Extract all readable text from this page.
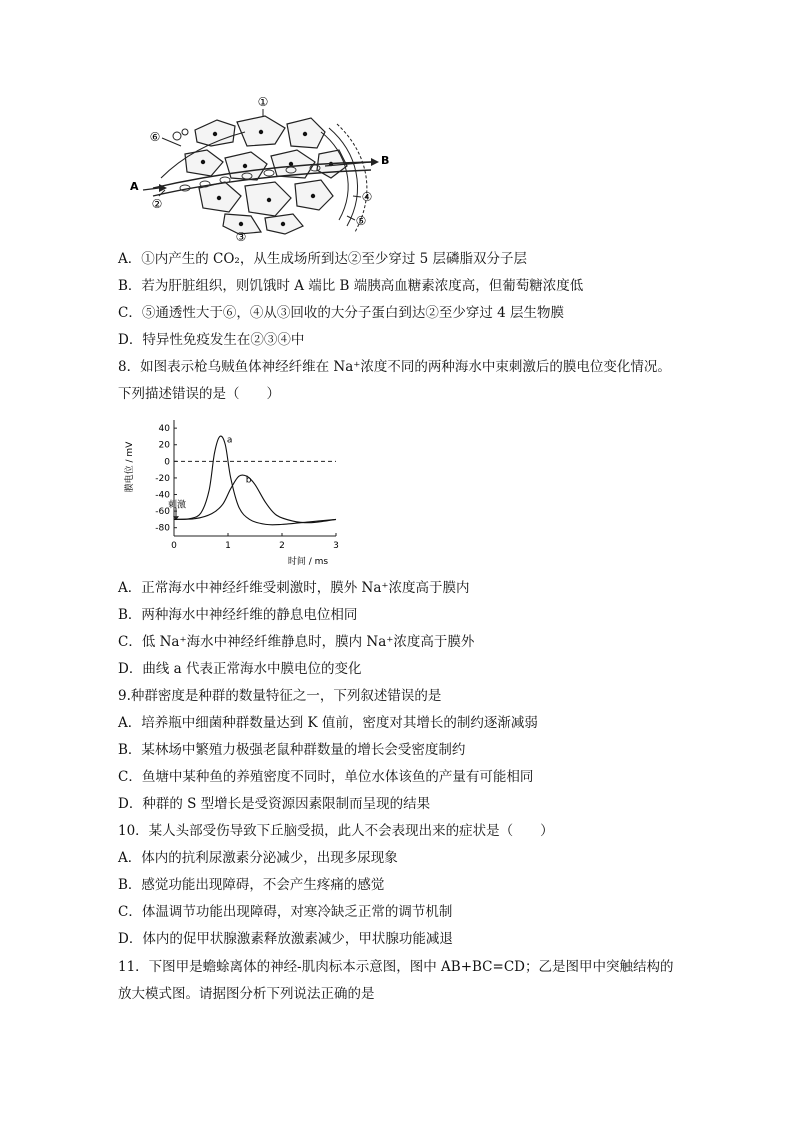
①
⑥
B
A
②
③
④
⑤
A．①内产生的 CO₂，从生成场所到达②至少穿过 5 层磷脂双分子层
B．若为肝脏组织，则饥饿时 A 端比 B 端胰高血糖素浓度高，但葡萄糖浓度低
C．⑤通透性大于⑥，④从③回收的大分子蛋白到达②至少穿过 4 层生物膜
D．特异性免疫发生在②③④中
8．如图表示枪乌贼鱼体神经纤维在 Na⁺浓度不同的两种海水中束刺激后的膜电位变化情况。
下列描述错误的是（　　）
膜电位 / mV
时间 / ms
40
20
0
-20
-40
-60
-80
0	1	2	3
刺激
a
b
A．正常海水中神经纤维受刺激时，膜外 Na⁺浓度高于膜内
B．两种海水中神经纤维的静息电位相同
C．低 Na⁺海水中神经纤维静息时，膜内 Na⁺浓度高于膜外
D．曲线 a 代表正常海水中膜电位的变化
9.种群密度是种群的数量特征之一，下列叙述错误的是
A．培养瓶中细菌种群数量达到 K 值前，密度对其增长的制约逐渐减弱
B．某林场中繁殖力极强老鼠种群数量的增长会受密度制约
C．鱼塘中某种鱼的养殖密度不同时，单位水体该鱼的产量有可能相同
D．种群的 S 型增长是受资源因素限制而呈现的结果
10．某人头部受伤导致下丘脑受损，此人不会表现出来的症状是（　　）
A．体内的抗利尿激素分泌减少，出现多尿现象
B．感觉功能出现障碍，不会产生疼痛的感觉
C．体温调节功能出现障碍，对寒冷缺乏正常的调节机制
D．体内的促甲状腺激素释放激素减少，甲状腺功能减退
11．下图甲是蟾蜍离体的神经-肌肉标本示意图，图中 AB+BC=CD；乙是图甲中突触结构的
放大模式图。请据图分析下列说法正确的是
